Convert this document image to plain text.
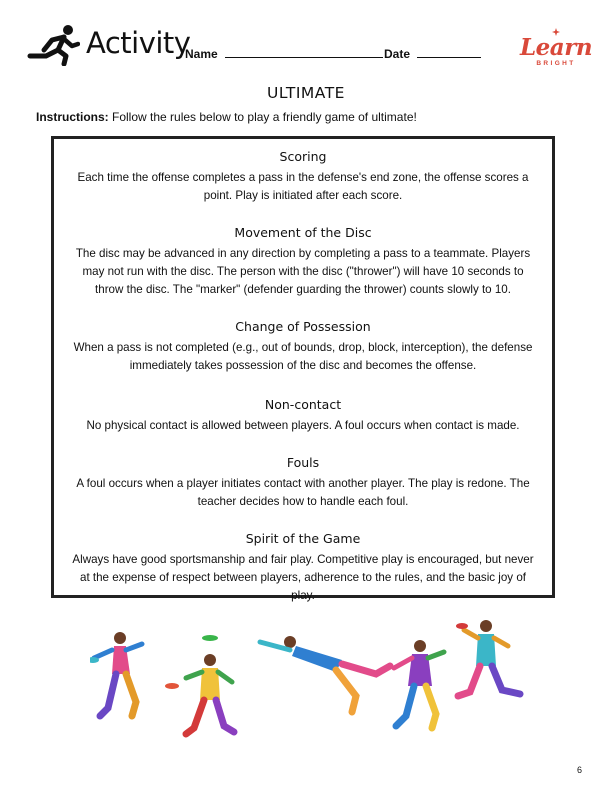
Activity
Name	Date	Learn
BRIGHT
ULTIMATE
Instructions: Follow the rules below to play a friendly game of ultimate!
Scoring
Each time the offense completes a pass in the defense's end zone, the offense scores a point. Play is initiated after each score.
Movement of the Disc
The disc may be advanced in any direction by completing a pass to a teammate. Players may not run with the disc. The person with the disc ("thrower") will have 10 seconds to throw the disc. The "marker" (defender guarding the thrower) counts slowly to 10.
Change of Possession
When a pass is not completed (e.g., out of bounds, drop, block, interception), the defense immediately takes possession of the disc and becomes the offense.
Non-contact
No physical contact is allowed between players. A foul occurs when contact is made.
Fouls
A foul occurs when a player initiates contact with another player. The play is redone. The teacher decides how to handle each foul.
Spirit of the Game
Always have good sportsmanship and fair play. Competitive play is encouraged, but never at the expense of respect between players, adherence to the rules, and the basic joy of play.
6
